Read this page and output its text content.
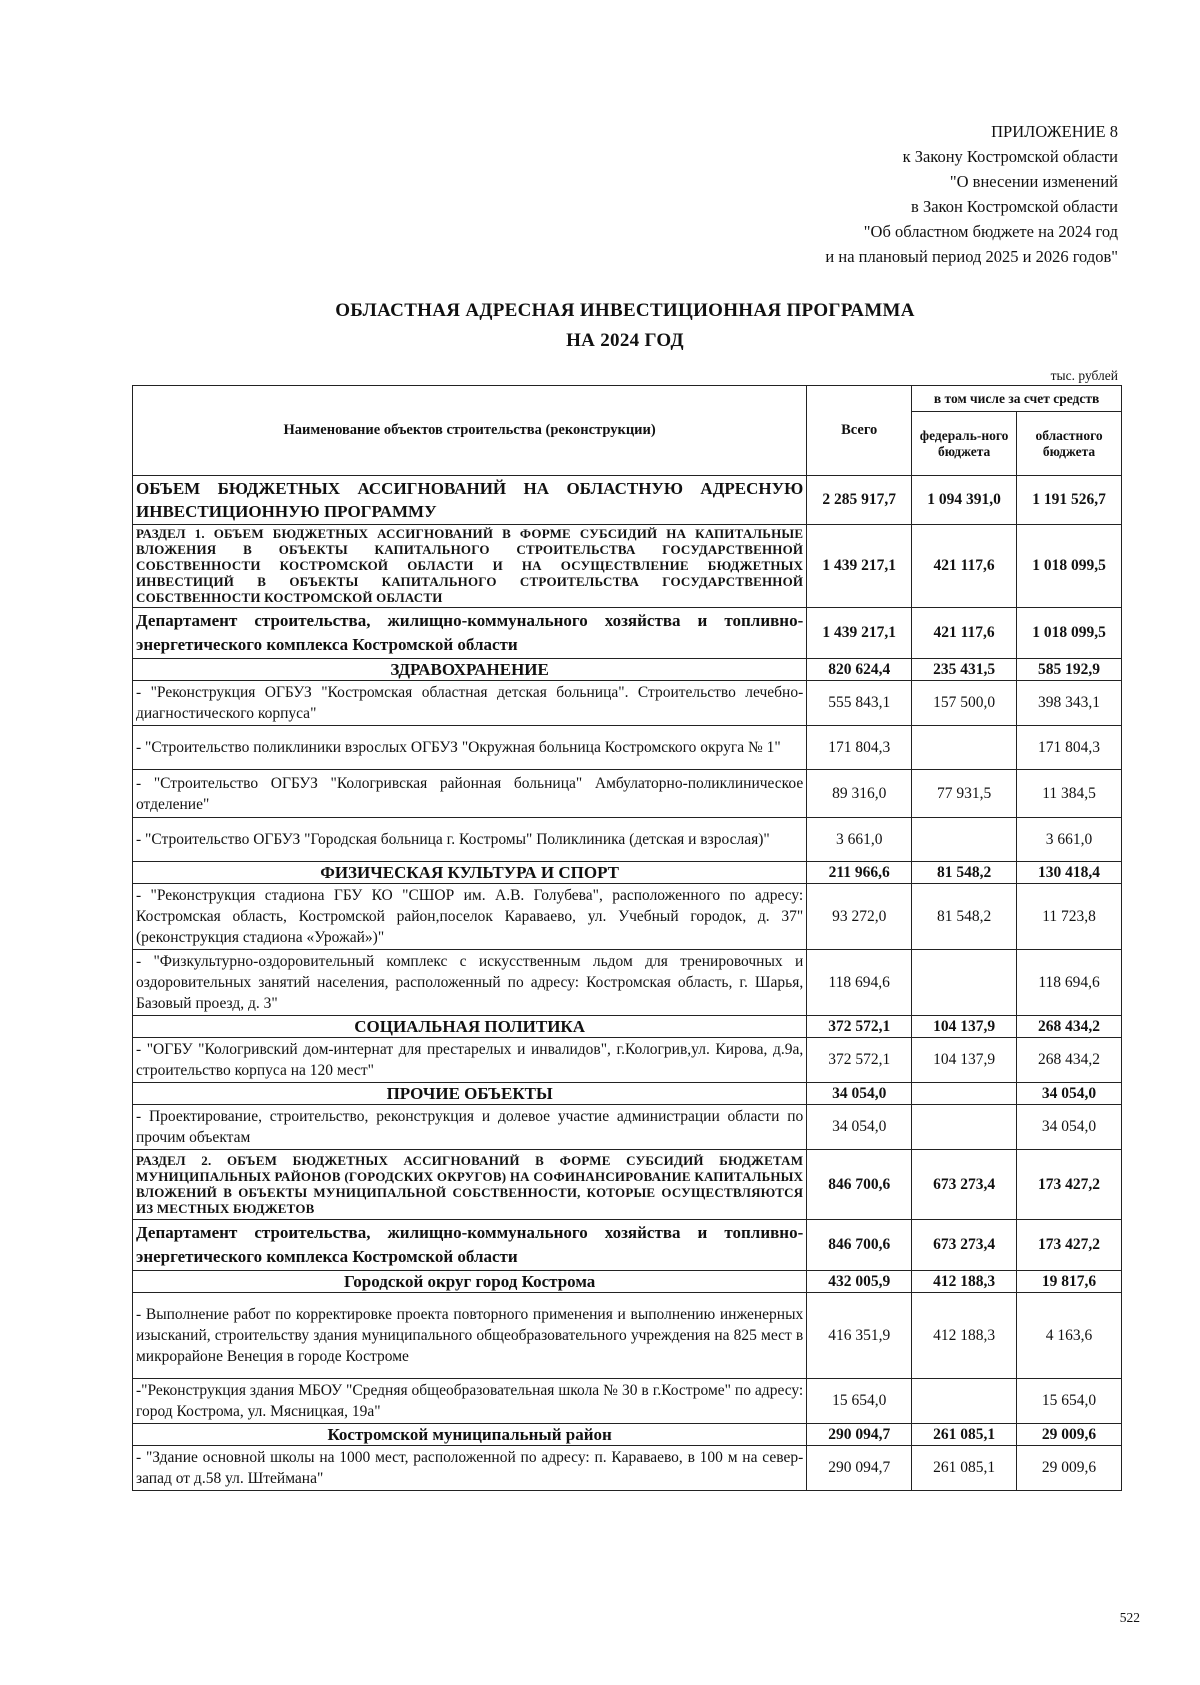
ПРИЛОЖЕНИЕ 8
к Закону Костромской области
"О внесении изменений
в Закон Костромской области
"Об областном бюджете на 2024 год
и на плановый период 2025 и 2026 годов"
ОБЛАСТНАЯ АДРЕСНАЯ ИНВЕСТИЦИОННАЯ ПРОГРАММА
НА 2024 ГОД
тыс. рублей
Наименование объектов строительства (реконструкции)	Всего	в том числе за счет средств	
		федераль-ного бюджета	областного бюджета
ОБЪЕМ БЮДЖЕТНЫХ АССИГНОВАНИЙ НА ОБЛАСТНУЮ АДРЕСНУЮ ИНВЕСТИЦИОННУЮ ПРОГРАММУ	2 285 917,7	1 094 391,0	1 191 526,7
РАЗДЕЛ 1. ОБЪЕМ БЮДЖЕТНЫХ АССИГНОВАНИЙ В ФОРМЕ СУБСИДИЙ НА КАПИТАЛЬНЫЕ ВЛОЖЕНИЯ В ОБЪЕКТЫ КАПИТАЛЬНОГО СТРОИТЕЛЬСТВА ГОСУДАРСТВЕННОЙ СОБСТВЕННОСТИ КОСТРОМСКОЙ ОБЛАСТИ И НА ОСУЩЕСТВЛЕНИЕ БЮДЖЕТНЫХ ИНВЕСТИЦИЙ В ОБЪЕКТЫ КАПИТАЛЬНОГО СТРОИТЕЛЬСТВА ГОСУДАРСТВЕННОЙ СОБСТВЕННОСТИ КОСТРОМСКОЙ ОБЛАСТИ	1 439 217,1	421 117,6	1 018 099,5
Департамент строительства, жилищно-коммунального хозяйства и топливно-энергетического комплекса Костромской области	1 439 217,1	421 117,6	1 018 099,5
ЗДРАВОХРАНЕНИЕ	820 624,4	235 431,5	585 192,9
- "Реконструкция ОГБУЗ "Костромская областная детская больница". Строительство лечебно-диагностического корпуса"	555 843,1	157 500,0	398 343,1
- "Строительство поликлиники взрослых ОГБУЗ "Окружная больница Костромского округа № 1"	171 804,3		171 804,3
- "Строительство ОГБУЗ "Кологривская районная больница" Амбулаторно-поликлиническое отделение"	89 316,0	77 931,5	11 384,5
- "Строительство ОГБУЗ "Городская больница г. Костромы" Поликлиника (детская и взрослая)"	3 661,0		3 661,0
ФИЗИЧЕСКАЯ КУЛЬТУРА И СПОРТ	211 966,6	81 548,2	130 418,4
- "Реконструкция стадиона ГБУ КО "СШОР им. А.В. Голубева", расположенного по адресу: Костромская область, Костромской район,поселок Караваево, ул. Учебный городок, д. 37" (реконструкция стадиона «Урожай»)"	93 272,0	81 548,2	11 723,8
- "Физкультурно-оздоровительный комплекс с искусственным льдом для тренировочных и оздоровительных занятий населения, расположенный по адресу: Костромская область, г. Шарья, Базовый проезд, д. 3"	118 694,6		118 694,6
СОЦИАЛЬНАЯ ПОЛИТИКА	372 572,1	104 137,9	268 434,2
- "ОГБУ "Кологривский дом-интернат для престарелых и инвалидов", г.Кологрив,ул. Кирова, д.9а, строительство корпуса на 120 мест"	372 572,1	104 137,9	268 434,2
ПРОЧИЕ ОБЪЕКТЫ	34 054,0		34 054,0
- Проектирование, строительство, реконструкция и долевое участие администрации области по прочим объектам	34 054,0		34 054,0
РАЗДЕЛ 2. ОБЪЕМ БЮДЖЕТНЫХ АССИГНОВАНИЙ В ФОРМЕ СУБСИДИЙ БЮДЖЕТАМ МУНИЦИПАЛЬНЫХ РАЙОНОВ (ГОРОДСКИХ ОКРУГОВ) НА СОФИНАНСИРОВАНИЕ КАПИТАЛЬНЫХ ВЛОЖЕНИЙ В ОБЪЕКТЫ МУНИЦИПАЛЬНОЙ СОБСТВЕННОСТИ, КОТОРЫЕ ОСУЩЕСТВЛЯЮТСЯ ИЗ МЕСТНЫХ БЮДЖЕТОВ	846 700,6	673 273,4	173 427,2
Департамент строительства, жилищно-коммунального хозяйства и топливно-энергетического комплекса Костромской области	846 700,6	673 273,4	173 427,2
Городской округ город Кострома	432 005,9	412 188,3	19 817,6
- Выполнение работ по корректировке проекта повторного применения и выполнению инженерных изысканий, строительству здания муниципального общеобразовательного учреждения на 825 мест в микрорайоне Венеция в городе Костроме	416 351,9	412 188,3	4 163,6
-"Реконструкция здания МБОУ "Средняя общеобразовательная школа № 30 в г.Костроме" по адресу: город Кострома, ул. Мясницкая, 19а"	15 654,0		15 654,0
Костромской муниципальный район	290 094,7	261 085,1	29 009,6
- "Здание основной школы на 1000 мест, расположенной по адресу: п. Караваево, в 100 м на север-запад от д.58 ул. Штеймана"	290 094,7	261 085,1	29 009,6
522
